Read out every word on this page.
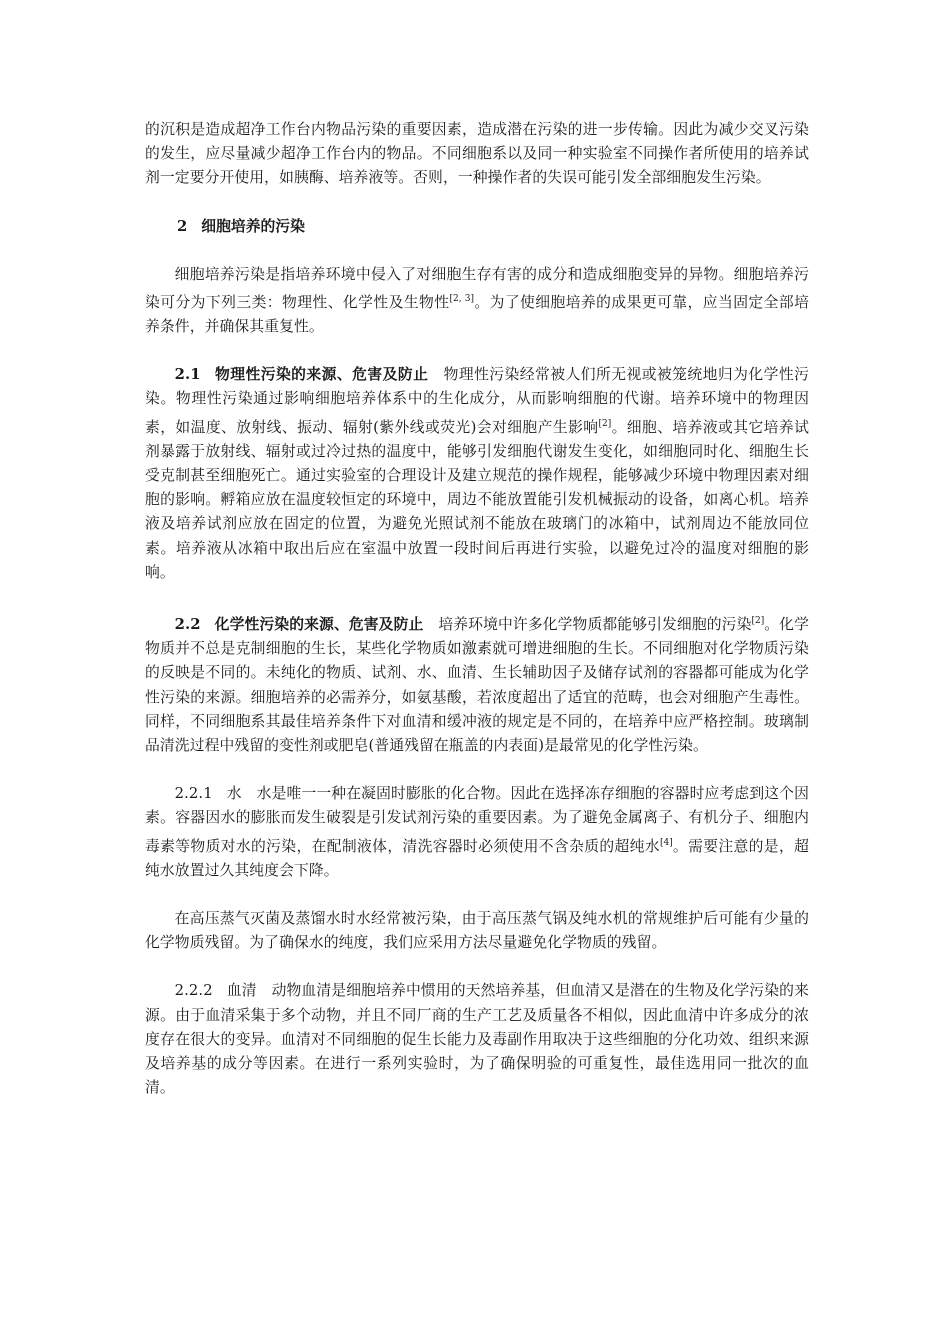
的沉积是造成超净工作台内物品污染的重要因素，造成潜在污染的进一步传输。因此为减少交叉污染的发生，应尽量减少超净工作台内的物品。不同细胞系以及同一种实验室不同操作者所使用的培养试剂一定要分开使用，如胰酶、培养液等。否则，一种操作者的失误可能引发全部细胞发生污染。

2 细胞培养的污染

细胞培养污染是指培养环境中侵入了对细胞生存有害的成分和造成细胞变异的异物。细胞培养污染可分为下列三类：物理性、化学性及生物性[2, 3]。为了使细胞培养的成果更可靠，应当固定全部培养条件，并确保其重复性。

2.1 物理性污染的来源、危害及防止　 物理性污染经常被人们所无视或被笼统地归为化学性污染。物理性污染通过影响细胞培养体系中的生化成分，从而影响细胞的代谢。培养环境中的物理因素，如温度、放射线、振动、辐射(紫外线或荧光)会对细胞产生影响[2]。细胞、培养液或其它培养试剂暴露于放射线、辐射或过冷过热的温度中，能够引发细胞代谢发生变化，如细胞同时化、细胞生长受克制甚至细胞死亡。通过实验室的合理设计及建立规范的操作规程，能够减少环境中物理因素对细胞的影响。孵箱应放在温度较恒定的环境中，周边不能放置能引发机械振动的设备，如离心机。培养液及培养试剂应放在固定的位置，为避免光照试剂不能放在玻璃门的冰箱中，试剂周边不能放同位素。培养液从冰箱中取出后应在室温中放置一段时间后再进行实验，以避免过冷的温度对细胞的影响。

2.2 化学性污染的来源、危害及防止　 培养环境中许多化学物质都能够引发细胞的污染[2]。化学物质并不总是克制细胞的生长，某些化学物质如激素就可增进细胞的生长。不同细胞对化学物质污染的反映是不同的。未纯化的物质、试剂、水、血清、生长辅助因子及储存试剂的容器都可能成为化学性污染的来源。细胞培养的必需养分，如氨基酸，若浓度超出了适宜的范畴，也会对细胞产生毒性。同样，不同细胞系其最佳培养条件下对血清和缓冲液的规定是不同的，在培养中应严格控制。玻璃制品清洗过程中残留的变性剂或肥皂(普通残留在瓶盖的内表面)是最常见的化学性污染。

2.2.1 水　 水是唯一一种在凝固时膨胀的化合物。因此在选择冻存细胞的容器时应考虑到这个因素。容器因水的膨胀而发生破裂是引发试剂污染的重要因素。为了避免金属离子、有机分子、细胞内毒素等物质对水的污染，在配制液体，清洗容器时必须使用不含杂质的超纯水[4]。需要注意的是，超纯水放置过久其纯度会下降。

在高压蒸气灭菌及蒸馏水时水经常被污染，由于高压蒸气锅及纯水机的常规维护后可能有少量的化学物质残留。为了确保水的纯度，我们应采用方法尽量避免化学物质的残留。

2.2.2 血清　 动物血清是细胞培养中惯用的天然培养基，但血清又是潜在的生物及化学污染的来源。由于血清采集于多个动物，并且不同厂商的生产工艺及质量各不相似，因此血清中许多成分的浓度存在很大的变异。血清对不同细胞的促生长能力及毒副作用取决于这些细胞的分化功效、组织来源及培养基的成分等因素。在进行一系列实验时，为了确保明验的可重复性，最佳选用同一批次的血清。
